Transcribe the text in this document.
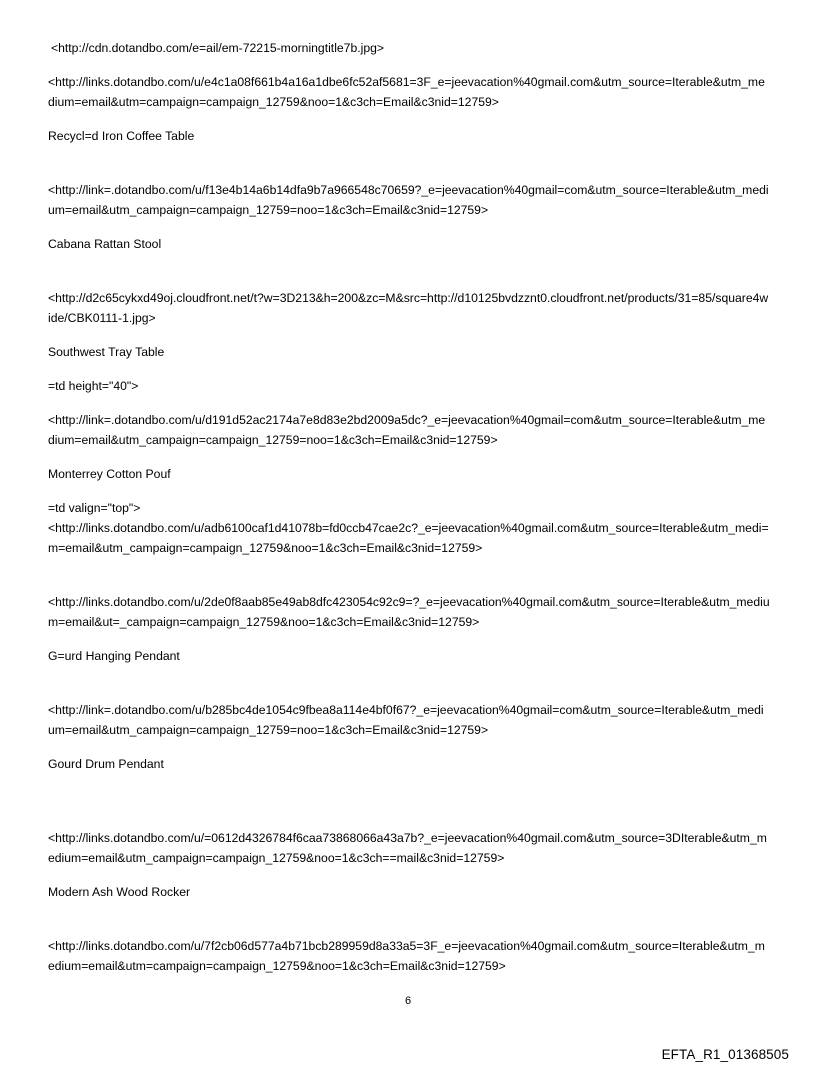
<http://cdn.dotandbo.com/e=ail/em-72215-morningtitle7b.jpg>

<http://links.dotandbo.com/u/e4c1a08f661b4a16a1dbe6fc52af5681=3F_e=jeevacation%40gmail.com&utm_source=Iterable&utm_medium=email&utm=campaign=campaign_12759&noo=1&c3ch=Email&c3nid=12759>

Recycl=d Iron Coffee Table

<http://link=.dotandbo.com/u/f13e4b14a6b14dfa9b7a966548c70659?_e=jeevacation%40gmail=com&utm_source=Iterable&utm_medium=email&utm_campaign=campaign_12759=noo=1&c3ch=Email&c3nid=12759>

Cabana Rattan Stool

<http://d2c65cykxd49oj.cloudfront.net/t?w=3D213&h=200&zc=M&src=http://d10125bvdzznt0.cloudfront.net/products/31=85/square4wide/CBK0111-1.jpg>

Southwest Tray Table

=td height="40">

<http://link=.dotandbo.com/u/d191d52ac2174a7e8d83e2bd2009a5dc?_e=jeevacation%40gmail=com&utm_source=Iterable&utm_medium=email&utm_campaign=campaign_12759=noo=1&c3ch=Email&c3nid=12759>

Monterrey Cotton Pouf

=td valign="top">

<http://links.dotandbo.com/u/adb6100caf1d41078b=fd0ccb47cae2c?_e=jeevacation%40gmail.com&utm_source=Iterable&utm_medi=m=email&utm_campaign=campaign_12759&noo=1&c3ch=Email&c3nid=12759>

<http://links.dotandbo.com/u/2de0f8aab85e49ab8dfc423054c92c9=?_e=jeevacation%40gmail.com&utm_source=Iterable&utm_medium=email&ut=_campaign=campaign_12759&noo=1&c3ch=Email&c3nid=12759>

G=urd Hanging Pendant

<http://link=.dotandbo.com/u/b285bc4de1054c9fbea8a114e4bf0f67?_e=jeevacation%40gmail=com&utm_source=Iterable&utm_medium=email&utm_campaign=campaign_12759=noo=1&c3ch=Email&c3nid=12759>

Gourd Drum Pendant

<http://links.dotandbo.com/u/=0612d4326784f6caa73868066a43a7b?_e=jeevacation%40gmail.com&utm_source=3DIterable&utm_medium=email&utm_campaign=campaign_12759&noo=1&c3ch==mail&c3nid=12759>

Modern Ash Wood Rocker

<http://links.dotandbo.com/u/7f2cb06d577a4b71bcb289959d8a33a5=3F_e=jeevacation%40gmail.com&utm_source=Iterable&utm_medium=email&utm=campaign=campaign_12759&noo=1&c3ch=Email&c3nid=12759>

6
EFTA_R1_01368505
